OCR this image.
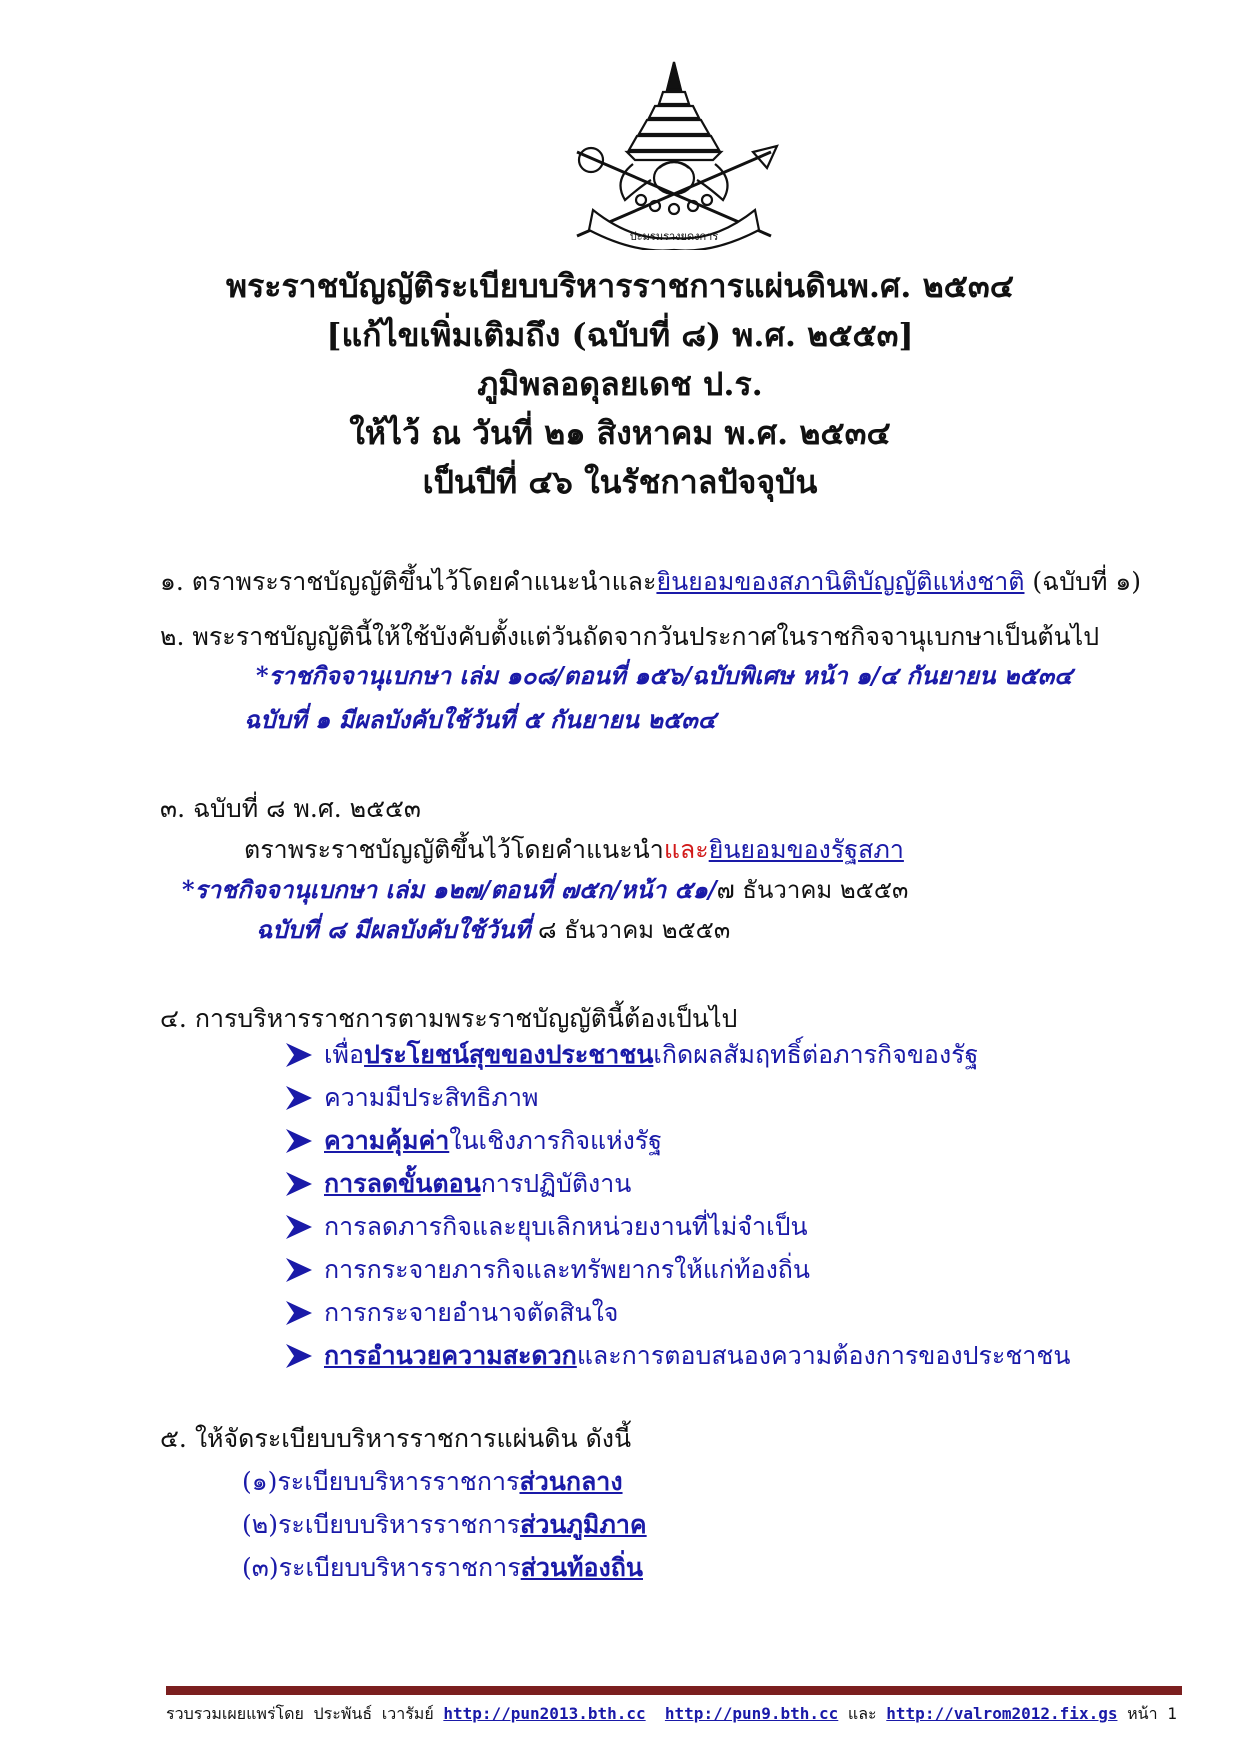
ปะมรมรางยดงการ
พระราชบัญญัติระเบียบบริหารราชการแผ่นดินพ.ศ. ๒๕๓๔
[แก้ไขเพิ่มเติมถึง (ฉบับที่ ๘) พ.ศ. ๒๕๕๓]
ภูมิพลอดุลยเดช ป.ร.
ให้ไว้ ณ วันที่ ๒๑ สิงหาคม พ.ศ. ๒๕๓๔
เป็นปีที่ ๔๖ ในรัชกาลปัจจุบัน
๑. ตราพระราชบัญญัติขึ้นไว้โดยคำแนะนำและยินยอมของสภานิติบัญญัติแห่งชาติ (ฉบับที่ ๑)
๒. พระราชบัญญัตินี้ให้ใช้บังคับตั้งแต่วันถัดจากวันประกาศในราชกิจจานุเบกษาเป็นต้นไป
*ราชกิจจานุเบกษา เล่ม ๑๐๘/ตอนที่ ๑๕๖/ฉบับพิเศษ หน้า ๑/๔ กันยายน ๒๕๓๔
ฉบับที่ ๑ มีผลบังคับใช้วันที่ ๕ กันยายน ๒๕๓๔
๓. ฉบับที่ ๘ พ.ศ. ๒๕๕๓
ตราพระราชบัญญัติขึ้นไว้โดยคำแนะนำและยินยอมของรัฐสภา
*ราชกิจจานุเบกษา เล่ม ๑๒๗/ตอนที่ ๗๕ก/หน้า ๕๑/๗ ธันวาคม ๒๕๕๓
ฉบับที่ ๘ มีผลบังคับใช้วันที่ ๘ ธันวาคม ๒๕๕๓
๔. การบริหารราชการตามพระราชบัญญัตินี้ต้องเป็นไป
เพื่อ ประโยชน์สุขของประชาชน เกิดผลสัมฤทธิ์ต่อภารกิจของรัฐ
ความมีประสิทธิภาพ
ความคุ้มค่า ในเชิงภารกิจแห่งรัฐ
การลดขั้นตอน การปฏิบัติงาน
การลดภารกิจและยุบเลิกหน่วยงานที่ไม่จำเป็น
การกระจายภารกิจและทรัพยากรให้แก่ท้องถิ่น
การกระจายอำนาจตัดสินใจ
การอำนวยความสะดวก และการตอบสนองความต้องการของประชาชน
๕. ให้จัดระเบียบบริหารราชการแผ่นดิน ดังนี้
(๑)ระเบียบบริหารราชการส่วนกลาง
(๒)ระเบียบบริหารราชการส่วนภูมิภาค
(๓)ระเบียบบริหารราชการส่วนท้องถิ่น
รวบรวมเผยแพร่โดย ประพันธ์ เวารัมย์ http://pun2013.bth.cc http://pun9.bth.cc และ http://valrom2012.fix.gs หน้า 1
